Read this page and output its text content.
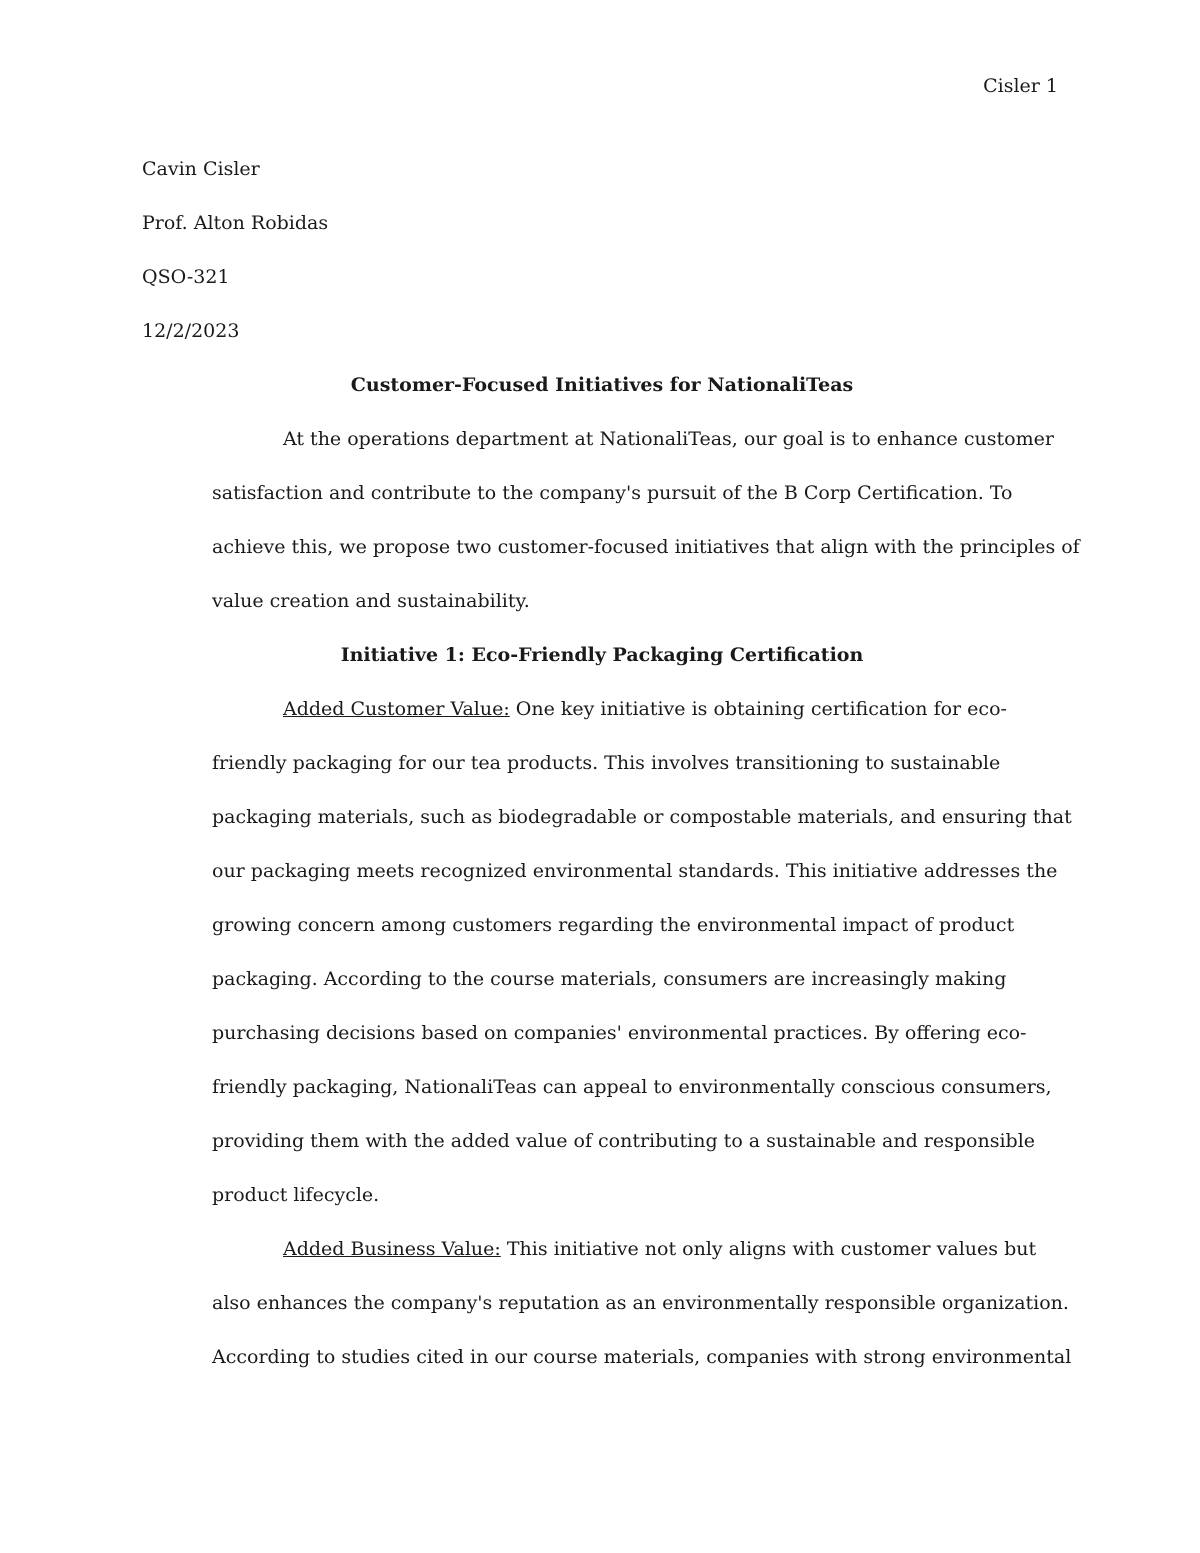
Cisler 1
Cavin Cisler
Prof. Alton Robidas
QSO-321
12/2/2023
Customer-Focused Initiatives for NationaliTeas
At the operations department at NationaliTeas, our goal is to enhance customer
satisfaction and contribute to the company's pursuit of the B Corp Certification. To
achieve this, we propose two customer-focused initiatives that align with the principles of
value creation and sustainability.
Initiative 1: Eco-Friendly Packaging Certification
Added Customer Value: One key initiative is obtaining certification for eco-
friendly packaging for our tea products. This involves transitioning to sustainable
packaging materials, such as biodegradable or compostable materials, and ensuring that
our packaging meets recognized environmental standards. This initiative addresses the
growing concern among customers regarding the environmental impact of product
packaging. According to the course materials, consumers are increasingly making
purchasing decisions based on companies' environmental practices. By offering eco-
friendly packaging, NationaliTeas can appeal to environmentally conscious consumers,
providing them with the added value of contributing to a sustainable and responsible
product lifecycle.
Added Business Value: This initiative not only aligns with customer values but
also enhances the company's reputation as an environmentally responsible organization.
According to studies cited in our course materials, companies with strong environmental
